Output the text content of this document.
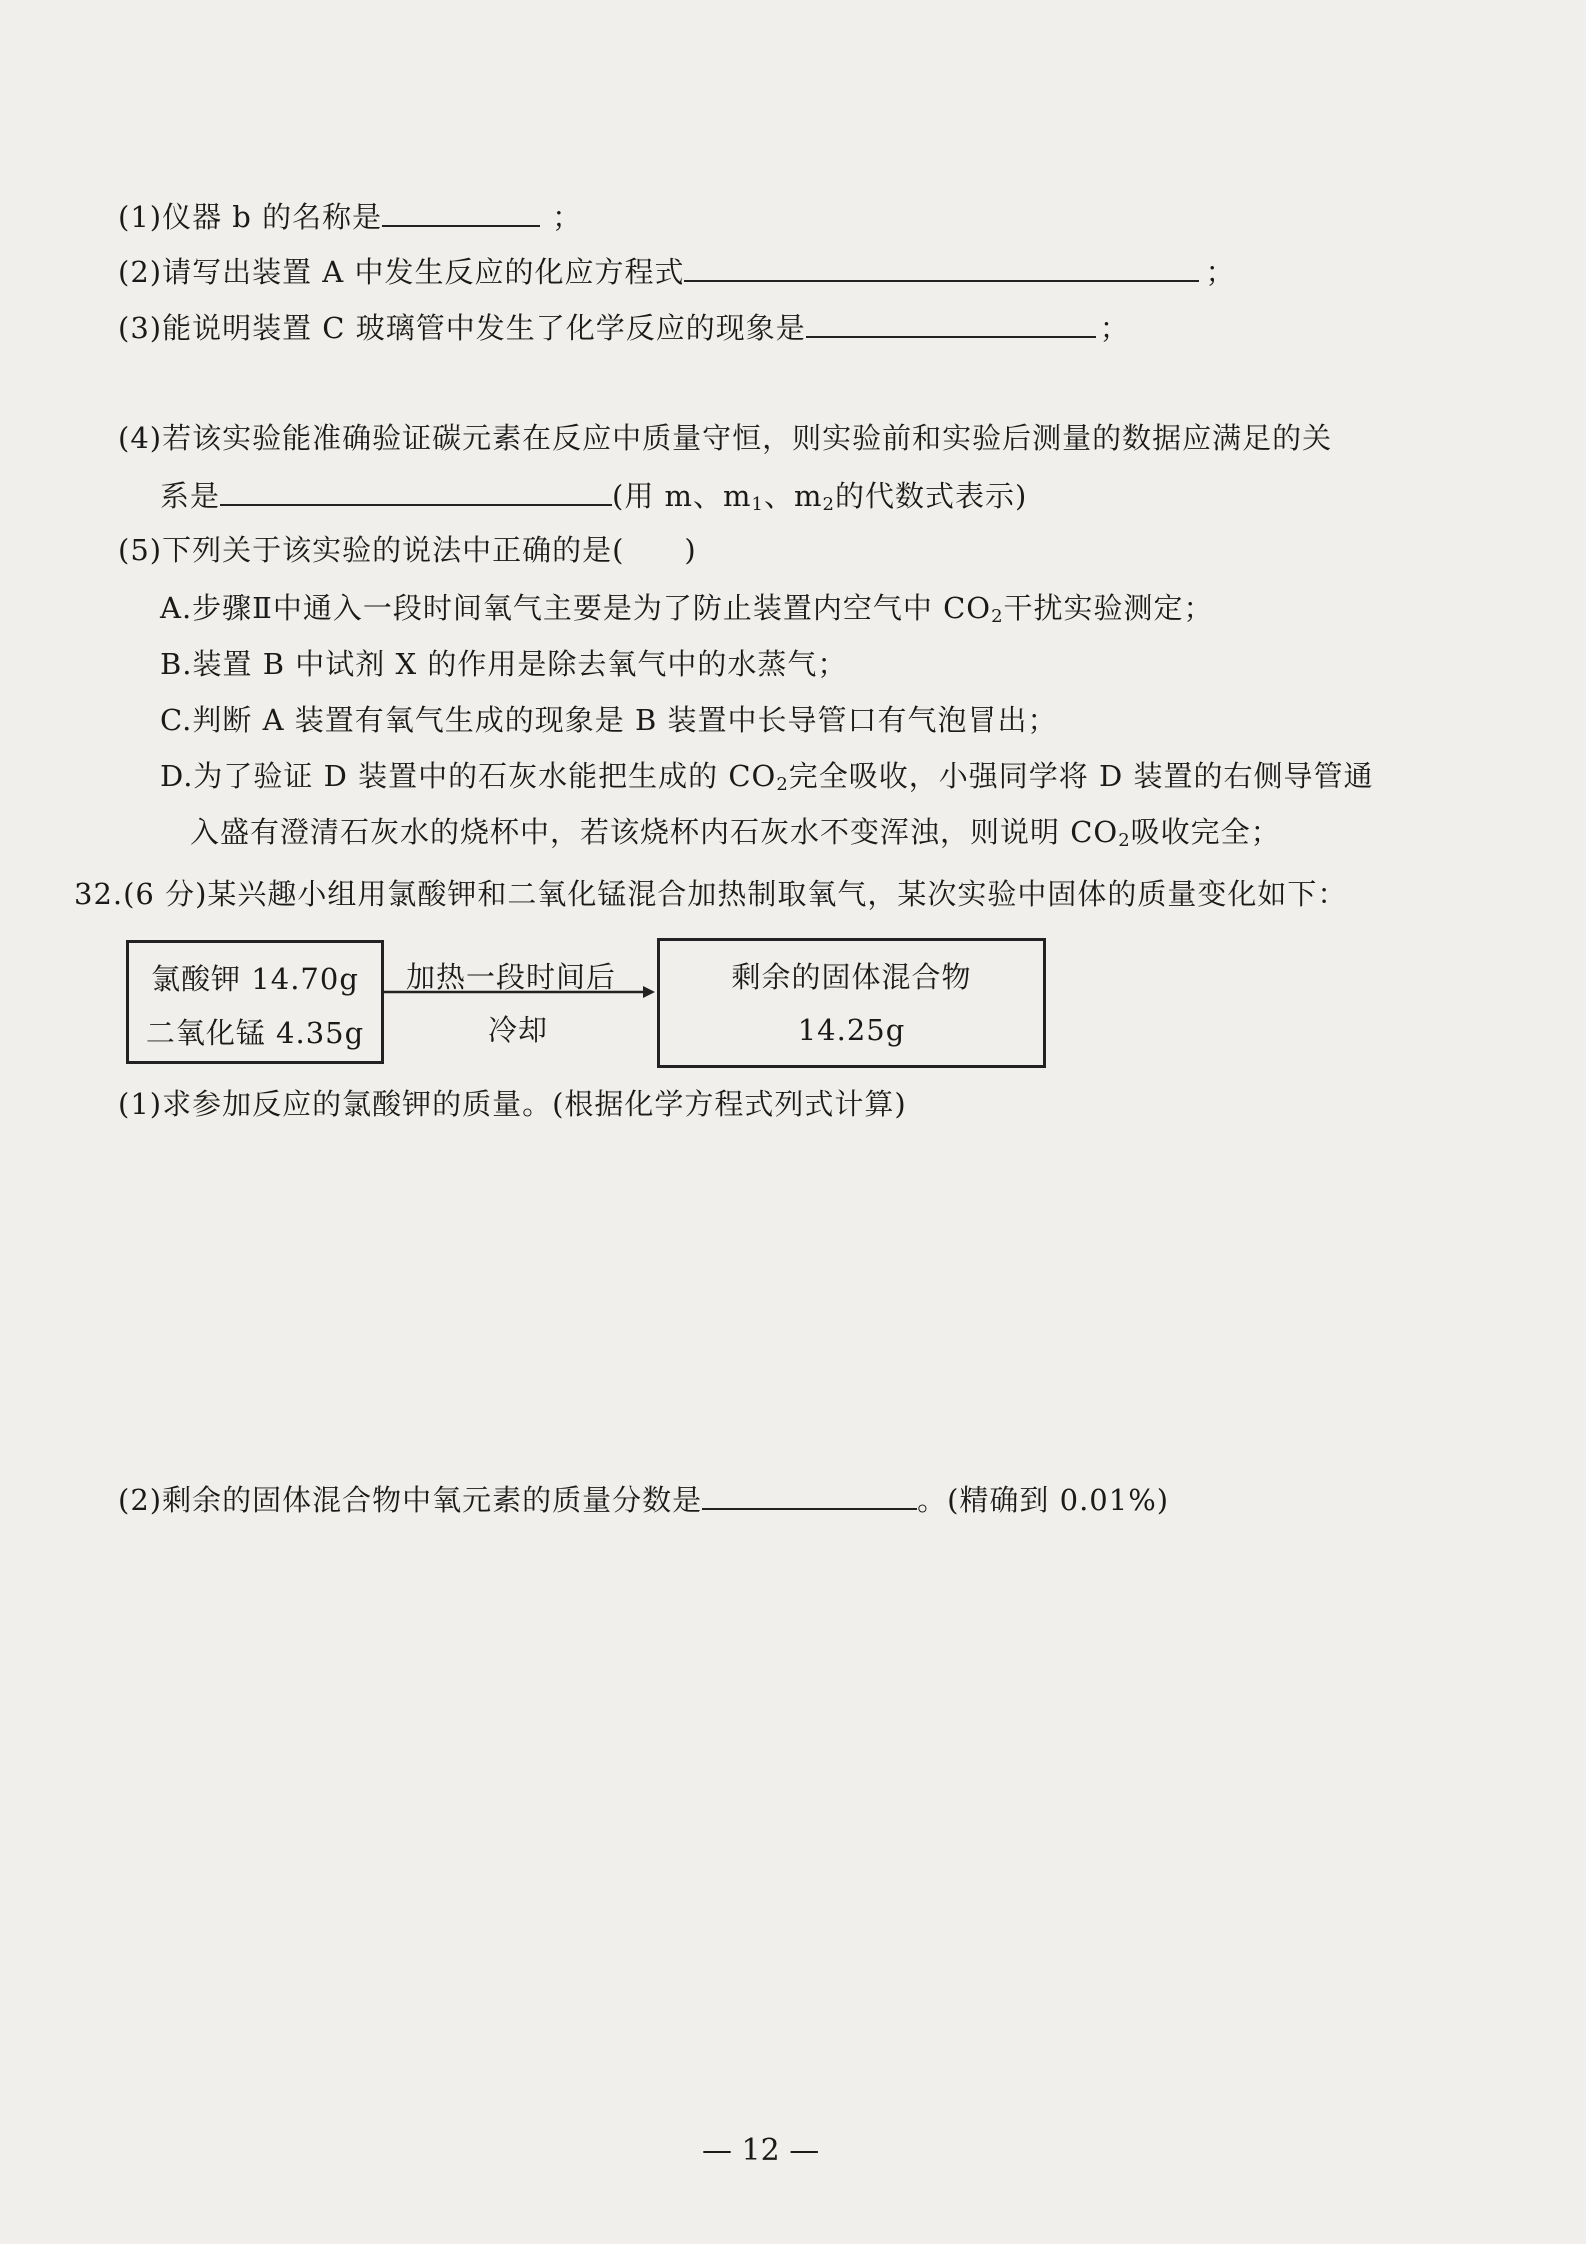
(1)仪器 b 的名称是	；
(2)请写出装置 A 中发生反应的化应方程式	；
(3)能说明装置 C 玻璃管中发生了化学反应的现象是	；
(4)若该实验能准确验证碳元素在反应中质量守恒，则实验前和实验后测量的数据应满足的关
系是	(用 m、$m_1$、$m_2$的代数式表示)
(5)下列关于该实验的说法中正确的是(　　)
A.步骤Ⅱ中通入一段时间氧气主要是为了防止装置内空气中 $CO_2$干扰实验测定；
B.装置 B 中试剂 X 的作用是除去氧气中的水蒸气；
C.判断 A 装置有氧气生成的现象是 B 装置中长导管口有气泡冒出；
D.为了验证 D 装置中的石灰水能把生成的 $CO_2$完全吸收，小强同学将 D 装置的右侧导管通
入盛有澄清石灰水的烧杯中，若该烧杯内石灰水不变浑浊，则说明 $CO_2$吸收完全；
32.(6 分)某兴趣小组用氯酸钾和二氧化锰混合加热制取氧气，某次实验中固体的质量变化如下：
氯酸钾 14.70g
二氧化锰 4.35g
加热一段时间后
冷却
剩余的固体混合物
14.25g
(1)求参加反应的氯酸钾的质量。(根据化学方程式列式计算)
(2)剩余的固体混合物中氧元素的质量分数是	。(精确到 0.01%)
— 12 —
